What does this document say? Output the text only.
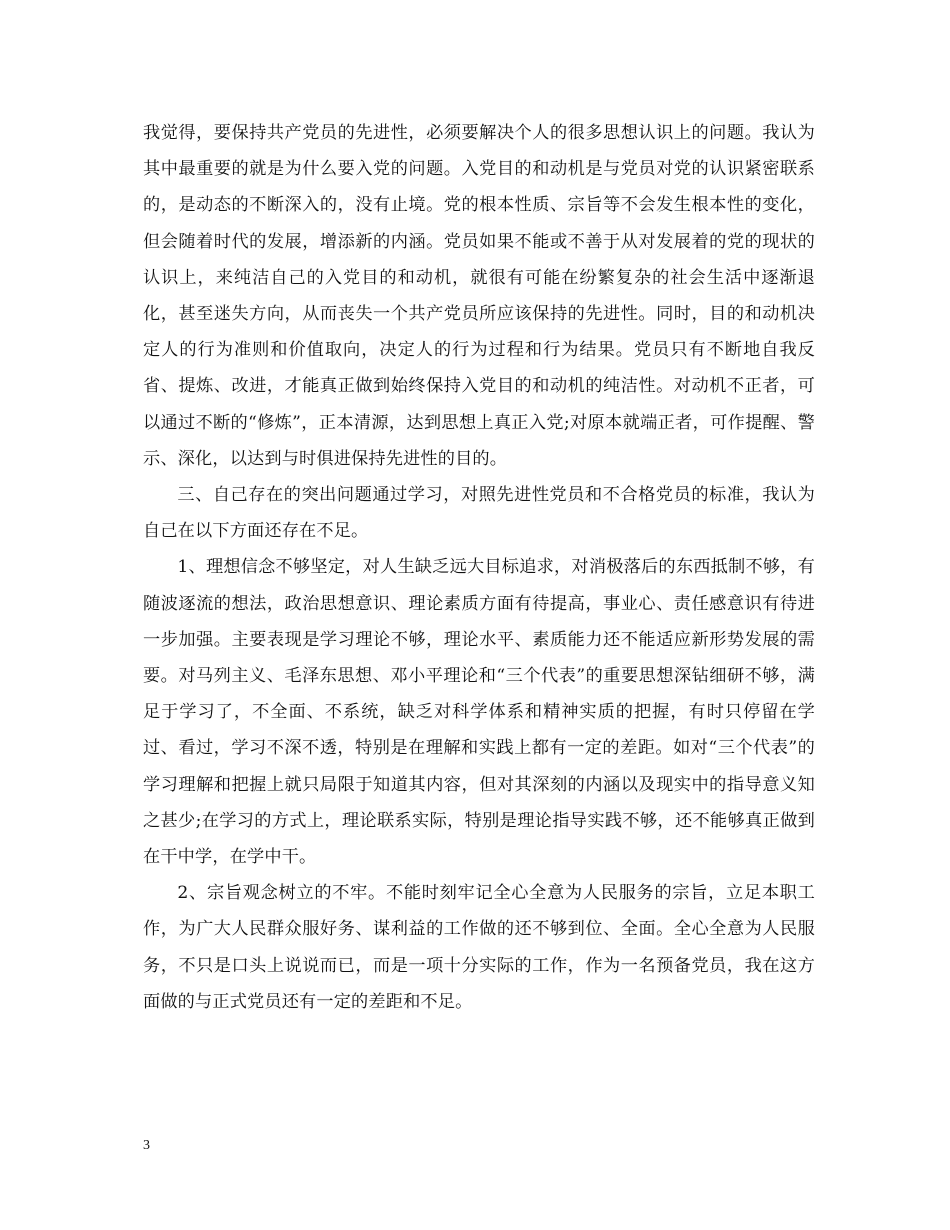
我觉得，要保持共产党员的先进性，必须要解决个人的很多思想认识上的问题。我认为其中最重要的就是为什么要入党的问题。入党目的和动机是与党员对党的认识紧密联系的，是动态的不断深入的，没有止境。党的根本性质、宗旨等不会发生根本性的变化，但会随着时代的发展，增添新的内涵。党员如果不能或不善于从对发展着的党的现状的认识上，来纯洁自己的入党目的和动机，就很有可能在纷繁复杂的社会生活中逐渐退化，甚至迷失方向，从而丧失一个共产党员所应该保持的先进性。同时，目的和动机决定人的行为准则和价值取向，决定人的行为过程和行为结果。党员只有不断地自我反省、提炼、改进，才能真正做到始终保持入党目的和动机的纯洁性。对动机不正者，可以通过不断的“修炼”，正本清源，达到思想上真正入党;对原本就端正者，可作提醒、警示、深化，以达到与时俱进保持先进性的目的。

三、自己存在的突出问题通过学习，对照先进性党员和不合格党员的标准，我认为自己在以下方面还存在不足。

1、理想信念不够坚定，对人生缺乏远大目标追求，对消极落后的东西抵制不够，有随波逐流的想法，政治思想意识、理论素质方面有待提高，事业心、责任感意识有待进一步加强。主要表现是学习理论不够，理论水平、素质能力还不能适应新形势发展的需要。对马列主义、毛泽东思想、邓小平理论和“三个代表”的重要思想深钻细研不够，满足于学习了，不全面、不系统，缺乏对科学体系和精神实质的把握，有时只停留在学过、看过，学习不深不透，特别是在理解和实践上都有一定的差距。如对“三个代表”的学习理解和把握上就只局限于知道其内容，但对其深刻的内涵以及现实中的指导意义知之甚少;在学习的方式上，理论联系实际，特别是理论指导实践不够，还不能够真正做到在干中学，在学中干。

2、宗旨观念树立的不牢。不能时刻牢记全心全意为人民服务的宗旨，立足本职工作，为广大人民群众服好务、谋利益的工作做的还不够到位、全面。全心全意为人民服务，不只是口头上说说而已，而是一项十分实际的工作，作为一名预备党员，我在这方面做的与正式党员还有一定的差距和不足。

3
